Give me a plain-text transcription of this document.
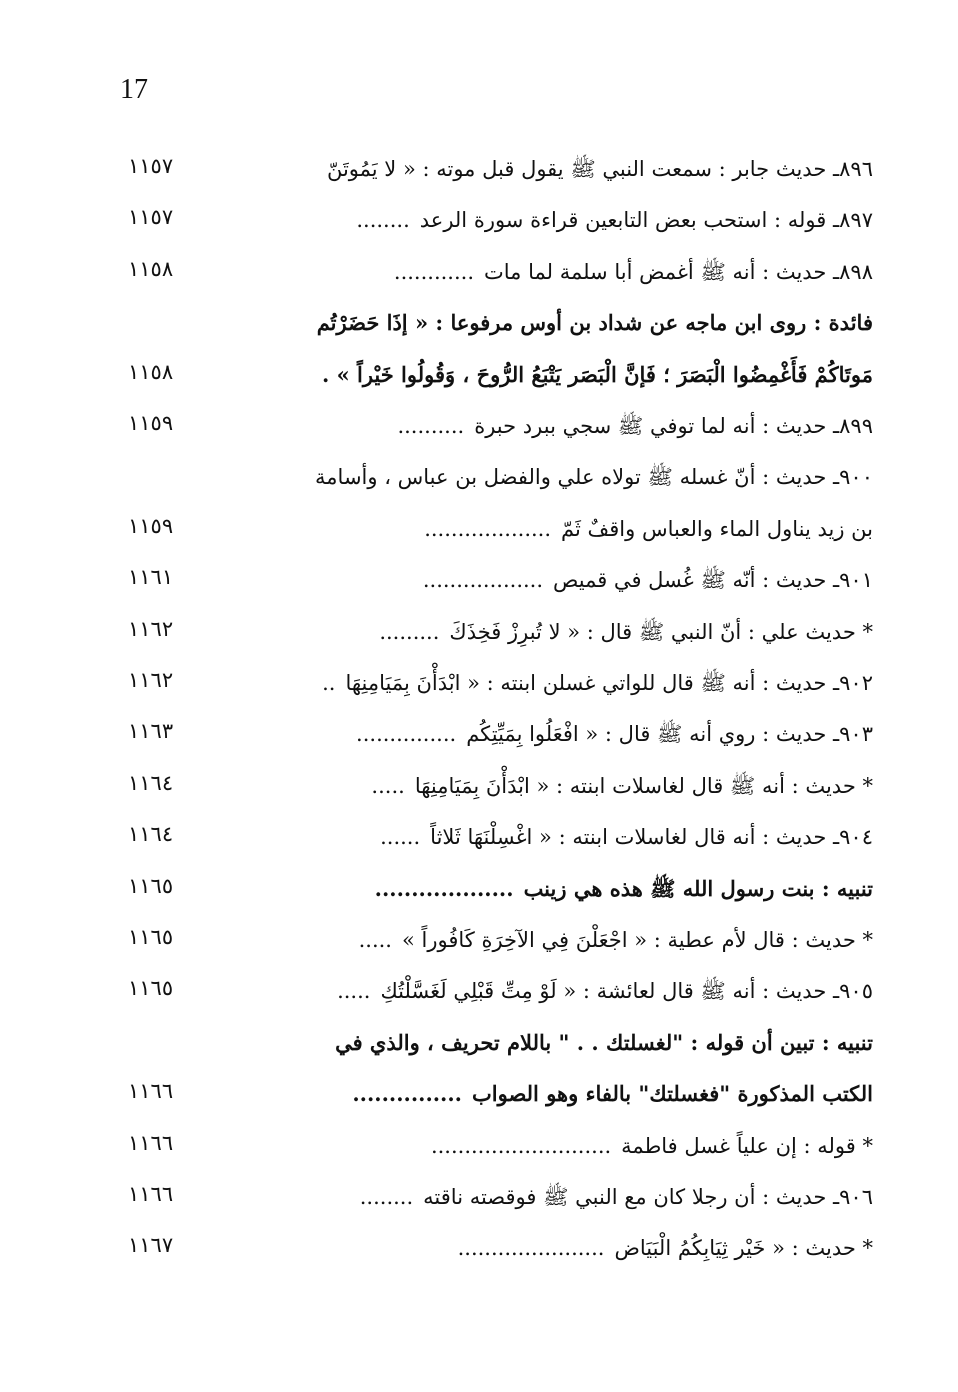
17
٨٩٦ـ حديث جابر : سمعت النبي ﷺ يقول قبل موته : « لا يَمُوتَنّ
١١٥٧
٨٩٧ـ قوله : استحب بعض التابعين قراءة سورة الرعد........
١١٥٧
٨٩٨ـ حديث : أنه ﷺ أغمض أبا سلمة لما مات............
١١٥٨
فائدة : روى ابن ماجه عن شداد بن أوس مرفوعا : « إذَا حَضَرْتُم
مَوتَاكُمْ فَأَغْمِضُوا الْبَصَرَ ؛ فَإنَّ الْبَصَر يَتْبَعُ الرُّوحَ ، وَقُولُوا خَيْراً » .
١١٥٨
٨٩٩ـ حديث : أنه لما توفي ﷺ سجي ببرد حبرة..........
١١٥٩
٩٠٠ـ حديث : أنّ غسله ﷺ تولاه علي والفضل بن عباس ، وأسامة
بن زيد يناول الماء والعباس واقفٌ ثَمّ...................
١١٥٩
٩٠١ـ حديث : أنّه ﷺ غُسل في قميص..................
١١٦١
* حديث علي : أنّ النبي ﷺ قال : « لا تُبرِزْ فَخِذَكَ.........
١١٦٢
٩٠٢ـ حديث : أنه ﷺ قال للواتي غسلن ابنته : « ابْدَأْنَ بِمَيَامِنِهَا..
١١٦٢
٩٠٣ـ حديث : روي أنه ﷺ قال : « افْعَلُوا بِمَيِّتِكُم...............
١١٦٣
* حديث : أنه ﷺ قال لغاسلات ابنته : « ابْدَأْنَ بِمَيَامِنِهَا.....
١١٦٤
٩٠٤ـ حديث : أنه قال لغاسلات ابنته : « اغْسِلْنَهَا ثَلاثاً......
١١٦٤
تنبيه : بنت رسول الله ﷺ هذه هي زينب...................
١١٦٥
* حديث : قال لأم عطية : « اجْعَلْنَ فِي الآخِرَةِ كَافُوراً ».....
١١٦٥
٩٠٥ـ حديث : أنه ﷺ قال لعائشة : « لَوْ مِتِّ قَبْلِي لَغَسَّلْتُكِ.....
١١٦٥
تنبيه : تبين أن قوله : "لغسلتك . . " باللام تحريف ، والذي في
الكتب المذكورة "فغسلتك" بالفاء وهو الصواب...............
١١٦٦
* قوله : إن علياً غسل فاطمة...........................
١١٦٦
٩٠٦ـ حديث : أن رجلا كان مع النبي ﷺ فوقصته ناقته........
١١٦٦
* حديث : « خَيْر ثِيَابِكُمُ الْبَيَاض......................
١١٦٧
